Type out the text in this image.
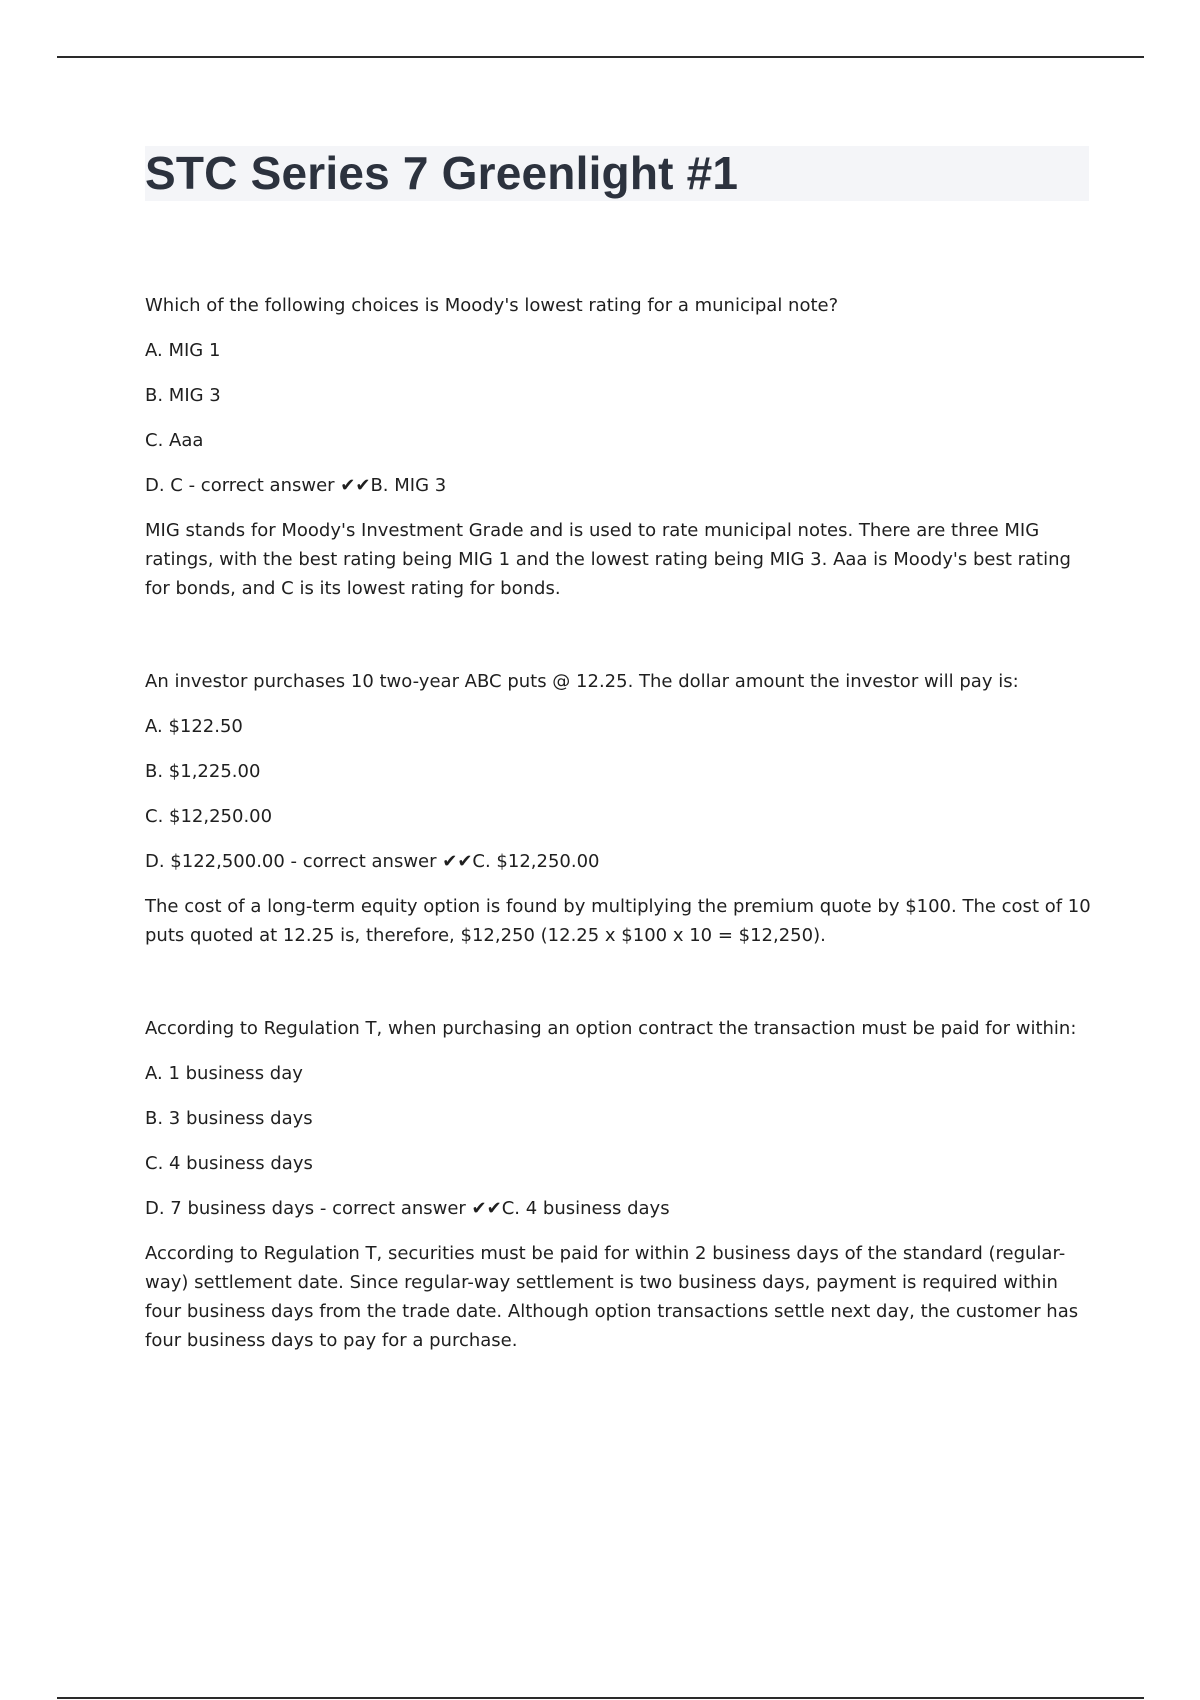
STC Series 7 Greenlight #1

Which of the following choices is Moody's lowest rating for a municipal note?

A. MIG 1

B. MIG 3

C. Aaa

D. C - correct answer ✔✔B. MIG 3

MIG stands for Moody's Investment Grade and is used to rate municipal notes. There are three MIG ratings, with the best rating being MIG 1 and the lowest rating being MIG 3. Aaa is Moody's best rating for bonds, and C is its lowest rating for bonds.

An investor purchases 10 two-year ABC puts @ 12.25. The dollar amount the investor will pay is:

A. $122.50

B. $1,225.00

C. $12,250.00

D. $122,500.00 - correct answer ✔✔C. $12,250.00

The cost of a long-term equity option is found by multiplying the premium quote by $100. The cost of 10 puts quoted at 12.25 is, therefore, $12,250 (12.25 x $100 x 10 = $12,250).

According to Regulation T, when purchasing an option contract the transaction must be paid for within:

A. 1 business day

B. 3 business days

C. 4 business days

D. 7 business days - correct answer ✔✔C. 4 business days

According to Regulation T, securities must be paid for within 2 business days of the standard (regular-way) settlement date. Since regular-way settlement is two business days, payment is required within four business days from the trade date. Although option transactions settle next day, the customer has four business days to pay for a purchase.
